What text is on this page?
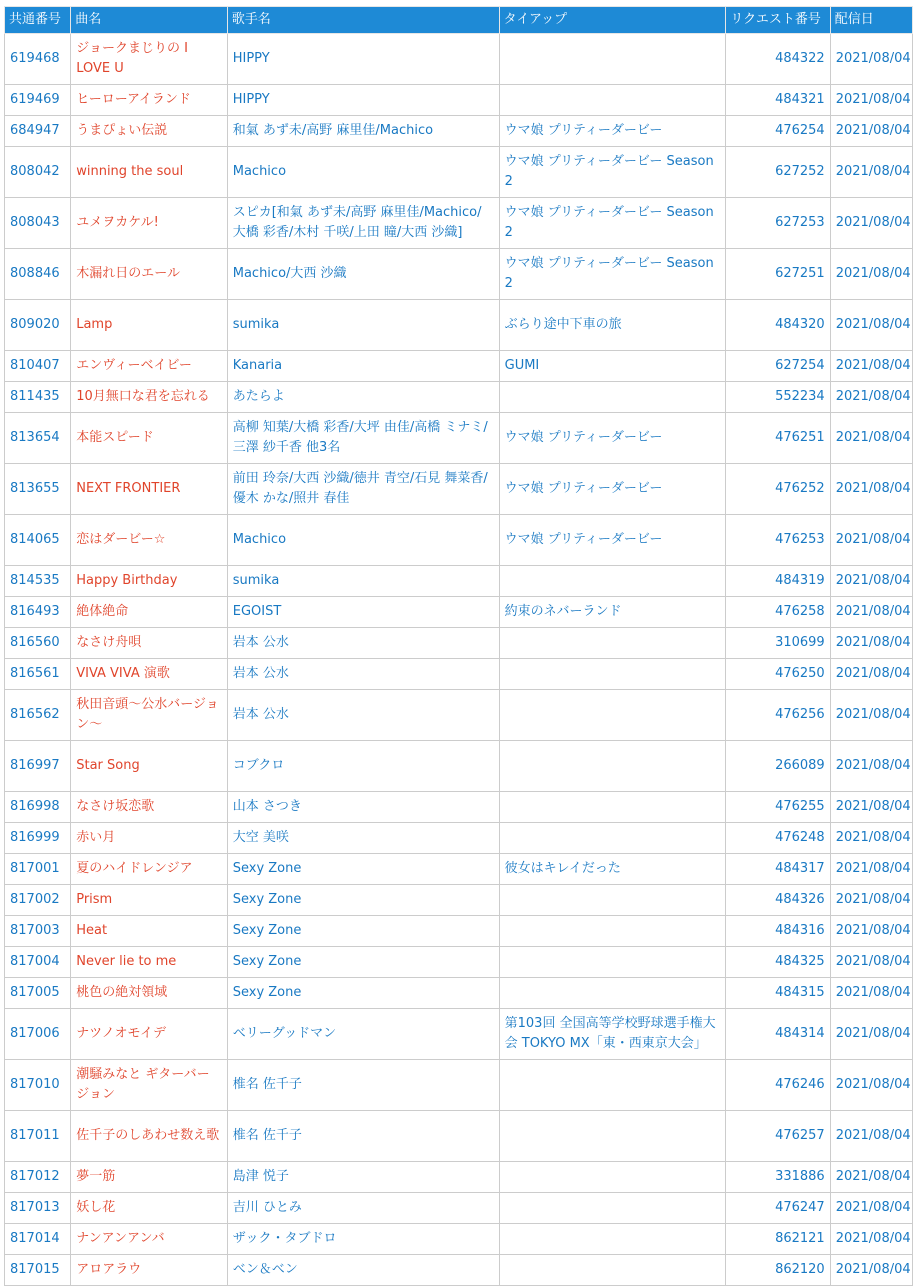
共通番号	曲名	歌手名	タイアップ	リクエスト番号	配信日
619468	ジョークまじりの I LOVE U	HIPPY		484322	2021/08/04
619469	ヒーローアイランド	HIPPY		484321	2021/08/04
684947	うまぴょい伝説	和氣 あず未/高野 麻里佳/Machico	ウマ娘 プリティーダービー	476254	2021/08/04
808042	winning the soul	Machico	ウマ娘 プリティーダービー Season 2	627252	2021/08/04
808043	ユメヲカケル!	スピカ[和氣 あず未/高野 麻里佳/Machico/大橋 彩香/木村 千咲/上田 瞳/大西 沙織]	ウマ娘 プリティーダービー Season 2	627253	2021/08/04
808846	木漏れ日のエール	Machico/大西 沙織	ウマ娘 プリティーダービー Season 2	627251	2021/08/04
809020	Lamp	sumika	ぶらり途中下車の旅	484320	2021/08/04
810407	エンヴィーベイビー	Kanaria	GUMI	627254	2021/08/04
811435	10月無口な君を忘れる	あたらよ		552234	2021/08/04
813654	本能スピード	高柳 知葉/大橋 彩香/大坪 由佳/高橋 ミナミ/三澤 紗千香 他3名	ウマ娘 プリティーダービー	476251	2021/08/04
813655	NEXT FRONTIER	前田 玲奈/大西 沙織/徳井 青空/石見 舞菜香/優木 かな/照井 春佳	ウマ娘 プリティーダービー	476252	2021/08/04
814065	恋はダービー☆	Machico	ウマ娘 プリティーダービー	476253	2021/08/04
814535	Happy Birthday	sumika		484319	2021/08/04
816493	絶体絶命	EGOIST	約束のネバーランド	476258	2021/08/04
816560	なさけ舟唄	岩本 公水		310699	2021/08/04
816561	VIVA VIVA 演歌	岩本 公水		476250	2021/08/04
816562	秋田音頭～公水バージョン～	岩本 公水		476256	2021/08/04
816997	Star Song	コブクロ		266089	2021/08/04
816998	なさけ坂恋歌	山本 さつき		476255	2021/08/04
816999	赤い月	大空 美咲		476248	2021/08/04
817001	夏のハイドレンジア	Sexy Zone	彼女はキレイだった	484317	2021/08/04
817002	Prism	Sexy Zone		484326	2021/08/04
817003	Heat	Sexy Zone		484316	2021/08/04
817004	Never lie to me	Sexy Zone		484325	2021/08/04
817005	桃色の絶対領域	Sexy Zone		484315	2021/08/04
817006	ナツノオモイデ	ベリーグッドマン	第103回 全国高等学校野球選手権大会 TOKYO MX「東・西東京大会」	484314	2021/08/04
817010	潮騒みなと ギターバージョン	椎名 佐千子		476246	2021/08/04
817011	佐千子のしあわせ数え歌	椎名 佐千子		476257	2021/08/04
817012	夢一筋	島津 悦子		331886	2021/08/04
817013	妖し花	吉川 ひとみ		476247	2021/08/04
817014	ナンアンアンバ	ザック・タブドロ		862121	2021/08/04
817015	アロアラウ	ベン＆ベン		862120	2021/08/04
